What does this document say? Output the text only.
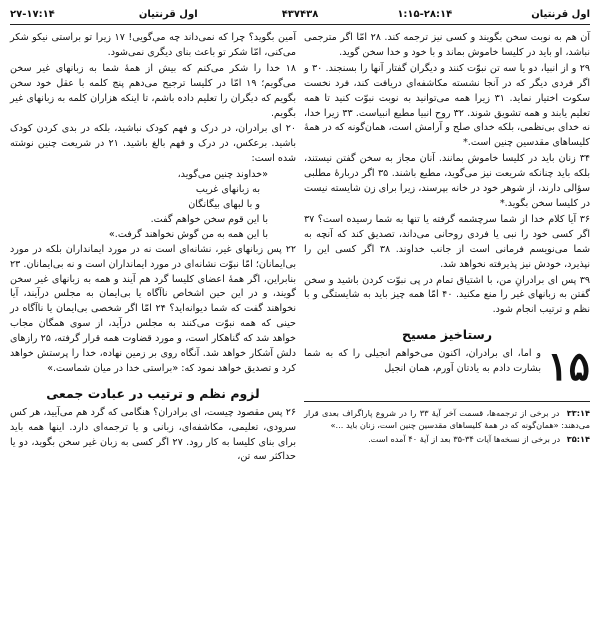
۴۳۷
اول قرنتیان
۲۷-۱۷:۱۴	اول قرنتیان
۱:۱۵-۲۸:۱۴
۴۳۸

آمین بگوید؟ چرا که نمی‌داند چه می‌گویی! ۱۷ زیرا تو براستی نیکو شکر می‌کنی، امّا شکر تو باعث بنای دیگری نمی‌شود.

۱۸ خدا را شکر می‌کنم که بیش از همهٔ شما به زبانهای غیر سخن می‌گویم؛ ۱۹ امّا در کلیسا ترجیح می‌دهم پنج کلمه با عقل خود سخن بگویم که دیگران را تعلیم داده باشم، تا اینکه هزاران کلمه به زبانهای غیر بگویم.

۲۰ ای برادران، در درک و فهم کودک نباشید، بلکه در بدی کردن کودک باشید. برعکس، در درک و فهم بالغ باشید. ۲۱ در شریعت چنین نوشته شده است:

«خداوند چنین می‌گوید،
به زبانهای غریب
و با لبهای بیگانگان
با این قوم سخن خواهم گفت.
با این همه به من گوش نخواهند گرفت.»

۲۲ پس زبانهای غیر، نشانه‌ای است نه در مورد ایمانداران بلکه در مورد بی‌ایمانان؛ امّا نبوّت نشانه‌ای در مورد ایمانداران است و نه بی‌ایمانان. ۲۳ بنابراین، اگر همهٔ اعضای کلیسا گرد هم آیند و همه به زبانهای غیر سخن گویند، و در این حین اشخاص ناآگاه یا بی‌ایمان به مجلس درآیند، آیا نخواهند گفت که شما دیوانه‌اید؟ ۲۴ امّا اگر شخصی بی‌ایمان یا ناآگاه در حینی که همه نبوّت می‌کنند به مجلس درآید، از سوی همگان مجاب خواهد شد که گناهکار است، و مورد قضاوت همه قرار گرفته، ۲۵ رازهای دلش آشکار خواهد شد. آنگاه روی بر زمین نهاده، خدا را پرستش خواهد کرد و تصدیق خواهد نمود که: «براستی خدا در میان شماست.»

لزوم نظم و ترتیب در عبادت جمعی

۲۶ پس مقصود چیست، ای برادران؟ هنگامی که گرد هم می‌آیید، هر کس سرودی، تعلیمی، مکاشفه‌ای، زبانی و یا ترجمه‌ای دارد. اینها همه باید برای بنای کلیسا به کار رود. ۲۷ اگر کسی به زبان غیر سخن بگوید، دو یا حداکثر سه تن،

آن هم به نوبت سخن بگویند و کسی نیز ترجمه کند. ۲۸ امّا اگر مترجمی نباشد، او باید در کلیسا خاموش بماند و با خود و خدا سخن گوید.

۲۹ و از انبیا، دو یا سه تن نبوّت کنند و دیگران گفتار آنها را بسنجند. ۳۰ و اگر فردی دیگر که در آنجا نشسته مکاشفه‌ای دریافت کند، فرد نخست سکوت اختیار نماید. ۳۱ زیرا همه می‌توانید به نوبت نبوّت کنید تا همه تعلیم یابند و همه تشویق شوند. ۳۲ روح انبیا مطیع انبیاست. ۳۳ زیرا خدا، نه خدای بی‌نظمی، بلکه خدای صلح و آرامش است، همان‌گونه که در همهٔ کلیساهای مقدسین چنین است.*

۳۴ زنان باید در کلیسا خاموش بمانند. آنان مجاز به سخن گفتن نیستند، بلکه باید چنانکه شریعت نیز می‌گوید، مطیع باشند. ۳۵ اگر دربارهٔ مطلبی سؤالی دارند، از شوهر خود در خانه بپرسند، زیرا برای زن شایسته نیست در کلیسا سخن بگوید.*

۳۶ آیا کلام خدا از شما سرچشمه گرفته یا تنها به شما رسیده است؟ ۳۷ اگر کسی خود را نبی یا فردی روحانی می‌داند، تصدیق کند که آنچه به شما می‌نویسم فرمانی است از جانب خداوند. ۳۸ اگر کسی این را نپذیرد، خودش نیز پذیرفته نخواهد شد.

۳۹ پس ای برادرانِ من، با اشتیاق تمام در پی نبوّت کردن باشید و سخن گفتن به زبانهای غیر را منع مکنید. ۴۰ امّا همه چیز باید به شایستگی و با نظم و ترتیب انجام شود.

رستاخیز مسیح
۱۵
و اما، ای برادران، اکنون می‌خواهم انجیلی را که به شما بشارت دادم به یادتان آورم، همان انجیل
۳۳:۱۴ در برخی از ترجمه‌ها، قسمت آخر آیهٔ ۳۳ را در شروع پاراگراف بعدی قرار می‌دهند: «همان‌گونه که در همهٔ کلیساهای مقدسین چنین است، زنان باید ...»
۳۵:۱۴ در برخی از نسخه‌ها آیات ۳۴-۳۵ بعد از آیهٔ ۴۰ آمده است.
